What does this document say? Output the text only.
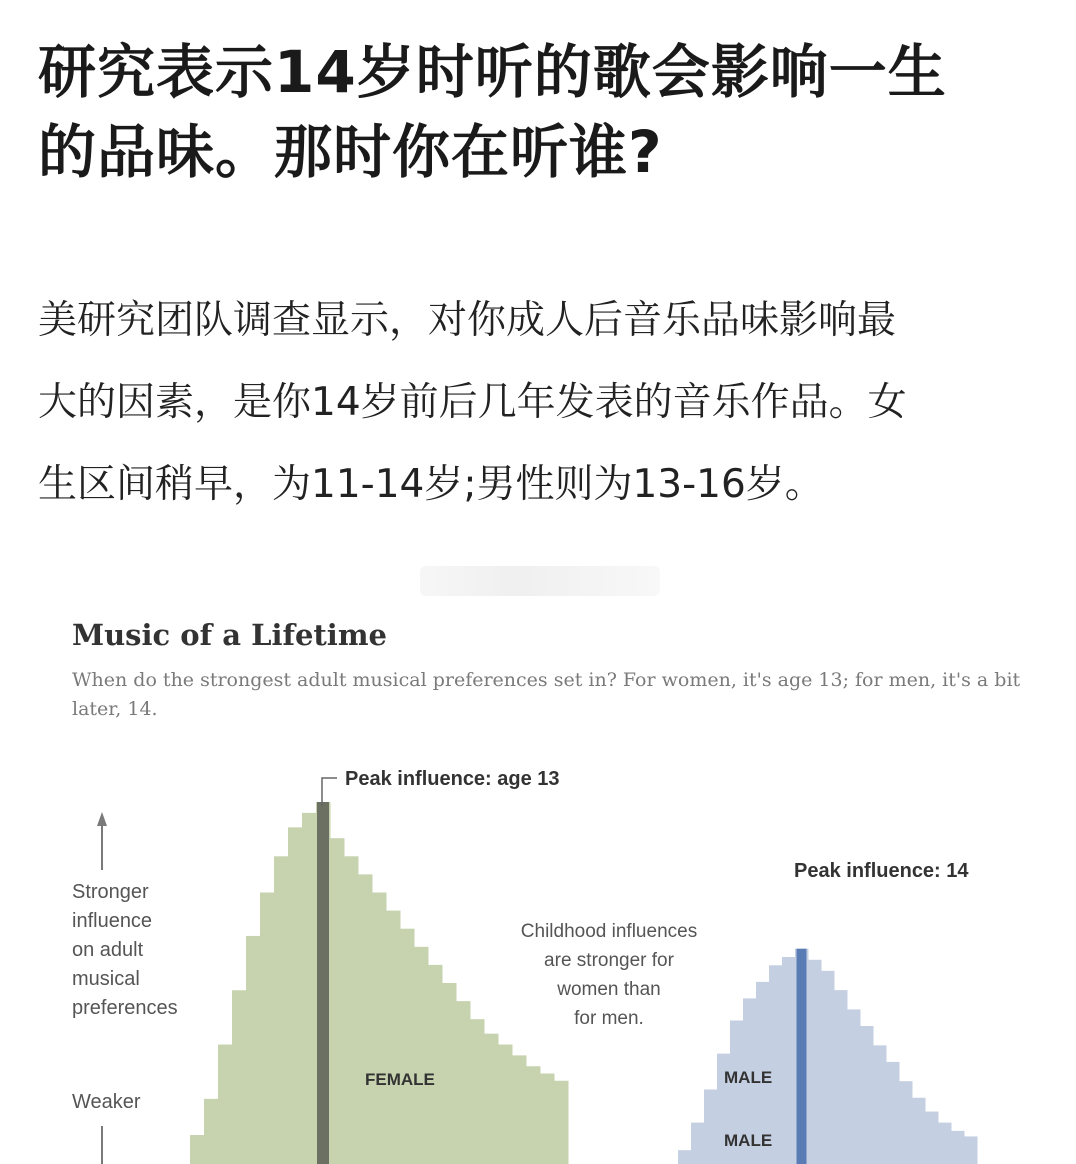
研究表示14岁时听的歌会影响一生
的品味。那时你在听谁?
美研究团队调查显示，对你成人后音乐品味影响最
大的因素，是你14岁前后几年发表的音乐作品。女
生区间稍早，为11-14岁;男性则为13-16岁。
Music of a Lifetime
When do the strongest adult musical preferences set in? For women, it's age 13; for men, it's a bit
later, 14.
Stronger
influence
on adult
musical
preferences
Weaker
Childhood influences
are stronger for
women than
for men.
Peak influence: age 13
Peak influence: 14
FEMALE	MALE
MALE
